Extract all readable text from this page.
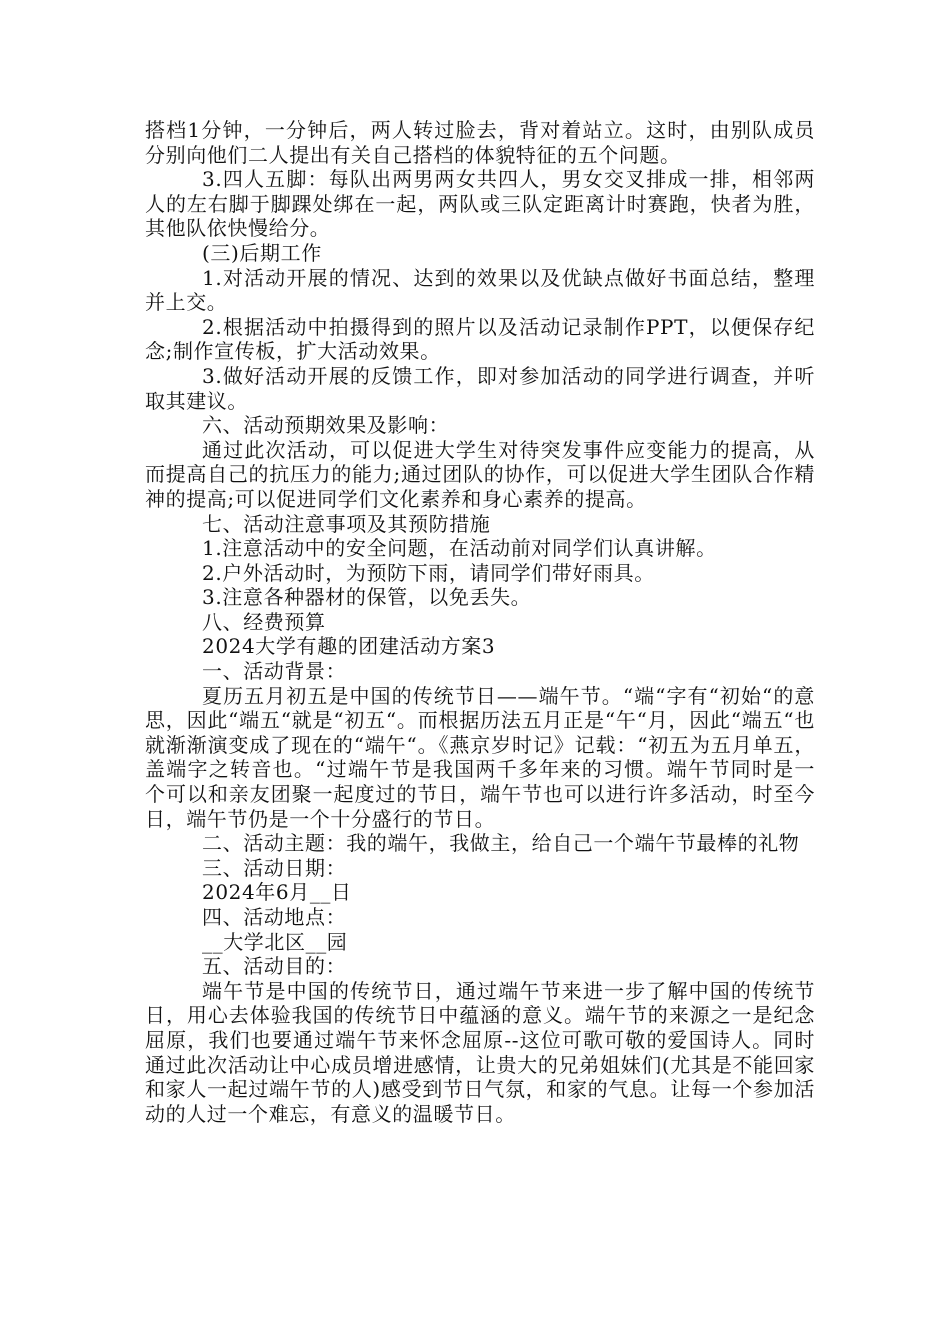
搭档1分钟，一分钟后，两人转过脸去，背对着站立。这时，由别队成员分别向他们二人提出有关自己搭档的体貌特征的五个问题。

3.四人五脚：每队出两男两女共四人，男女交叉排成一排，相邻两人的左右脚于脚踝处绑在一起，两队或三队定距离计时赛跑，快者为胜，其他队依快慢给分。

(三)后期工作

1.对活动开展的情况、达到的效果以及优缺点做好书面总结，整理并上交。

2.根据活动中拍摄得到的照片以及活动记录制作PPT，以便保存纪念;制作宣传板，扩大活动效果。

3.做好活动开展的反馈工作，即对参加活动的同学进行调查，并听取其建议。

六、活动预期效果及影响：

通过此次活动，可以促进大学生对待突发事件应变能力的提高，从而提高自己的抗压力的能力;通过团队的协作，可以促进大学生团队合作精神的提高;可以促进同学们文化素养和身心素养的提高。

七、活动注意事项及其预防措施

1.注意活动中的安全问题，在活动前对同学们认真讲解。

2.户外活动时，为预防下雨，请同学们带好雨具。

3.注意各种器材的保管，以免丢失。

八、经费预算

2024大学有趣的团建活动方案3

一、活动背景：

夏历五月初五是中国的传统节日——端午节。“端“字有“初始“的意思，因此“端五“就是“初五“。而根据历法五月正是“午“月，因此“端五“也就渐渐演变成了现在的“端午“。《燕京岁时记》记载：“初五为五月单五，盖端字之转音也。“过端午节是我国两千多年来的习惯。端午节同时是一个可以和亲友团聚一起度过的节日，端午节也可以进行许多活动，时至今日，端午节仍是一个十分盛行的节日。

二、活动主题：我的端午，我做主，给自己一个端午节最棒的礼物

三、活动日期：

2024年6月__日

四、活动地点：

__大学北区__园

五、活动目的：

端午节是中国的传统节日，通过端午节来进一步了解中国的传统节日，用心去体验我国的传统节日中蕴涵的意义。端午节的来源之一是纪念屈原，我们也要通过端午节来怀念屈原--这位可歌可敬的爱国诗人。同时通过此次活动让中心成员增进感情，让贵大的兄弟姐妹们(尤其是不能回家和家人一起过端午节的人)感受到节日气氛，和家的气息。让每一个参加活动的人过一个难忘，有意义的温暖节日。
